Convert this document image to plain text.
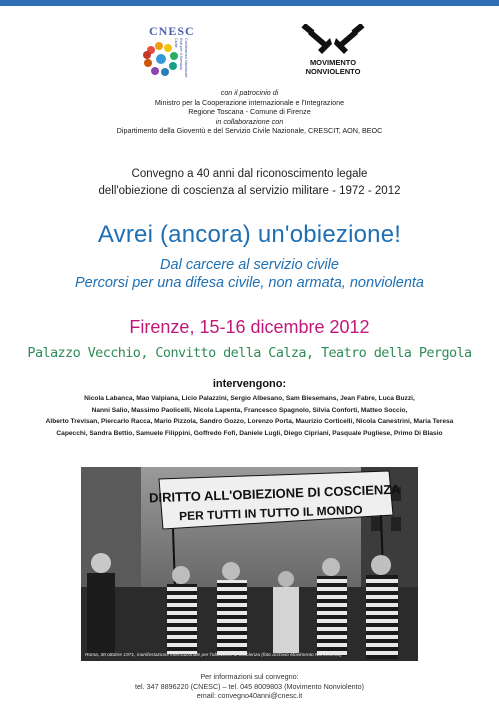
CNESC
Conferenza Nazionale Enti per il Servizio Civile
MOVIMENTO
NONVIOLENTO
con il patrocinio di
Ministro per la Cooperazione internazionale e l'Integrazione
Regione Toscana - Comune di Firenze
in collaborazione con
Dipartimento della Gioventù e del Servizio Civile Nazionale, CRESCIT, AON, BEOC
Convegno a 40 anni dal riconoscimento legale
dell'obiezione di coscienza al servizio militare - 1972 - 2012
Avrei (ancora) un'obiezione!
Dal carcere al servizio civile
Percorsi per una difesa civile, non armata, nonviolenta
Firenze, 15-16 dicembre 2012
Palazzo Vecchio, Convitto della Calza, Teatro della Pergola
intervengono:
Nicola Labanca, Mao Valpiana, Licio Palazzini, Sergio Albesano, Sam Biesemans, Jean Fabre, Luca Buzzi,
Nanni Salio, Massimo Paolicelli, Nicola Lapenta, Francesco Spagnolo, Silvia Conforti, Matteo Soccio,
Alberto Trevisan, Piercarlo Racca, Mario Pizzola, Sandro Gozzo, Lorenzo Porta, Maurizio Corticelli, Nicola Canestrini, Maria Teresa
Capecchi, Sandra Bettio, Samuele Filippini, Goffredo Fofi, Daniele Lugli, Diego Cipriani, Pasquale Pugliese, Primo Di Blasio
DIRITTO ALL'OBIEZIONE DI COSCIENZA
PER TUTTI IN TUTTO IL MONDO
Roma, 30 ottobre 1971, manifestazione internazionale per l'obiezione di coscienza (foto archivio Movimento Nonviolento)
Per informazioni sul convegno:
tel. 347 8896220 (CNESC) – tel. 045 8009803 (Movimento Nonviolento)
email: convegno40anni@cnesc.it
